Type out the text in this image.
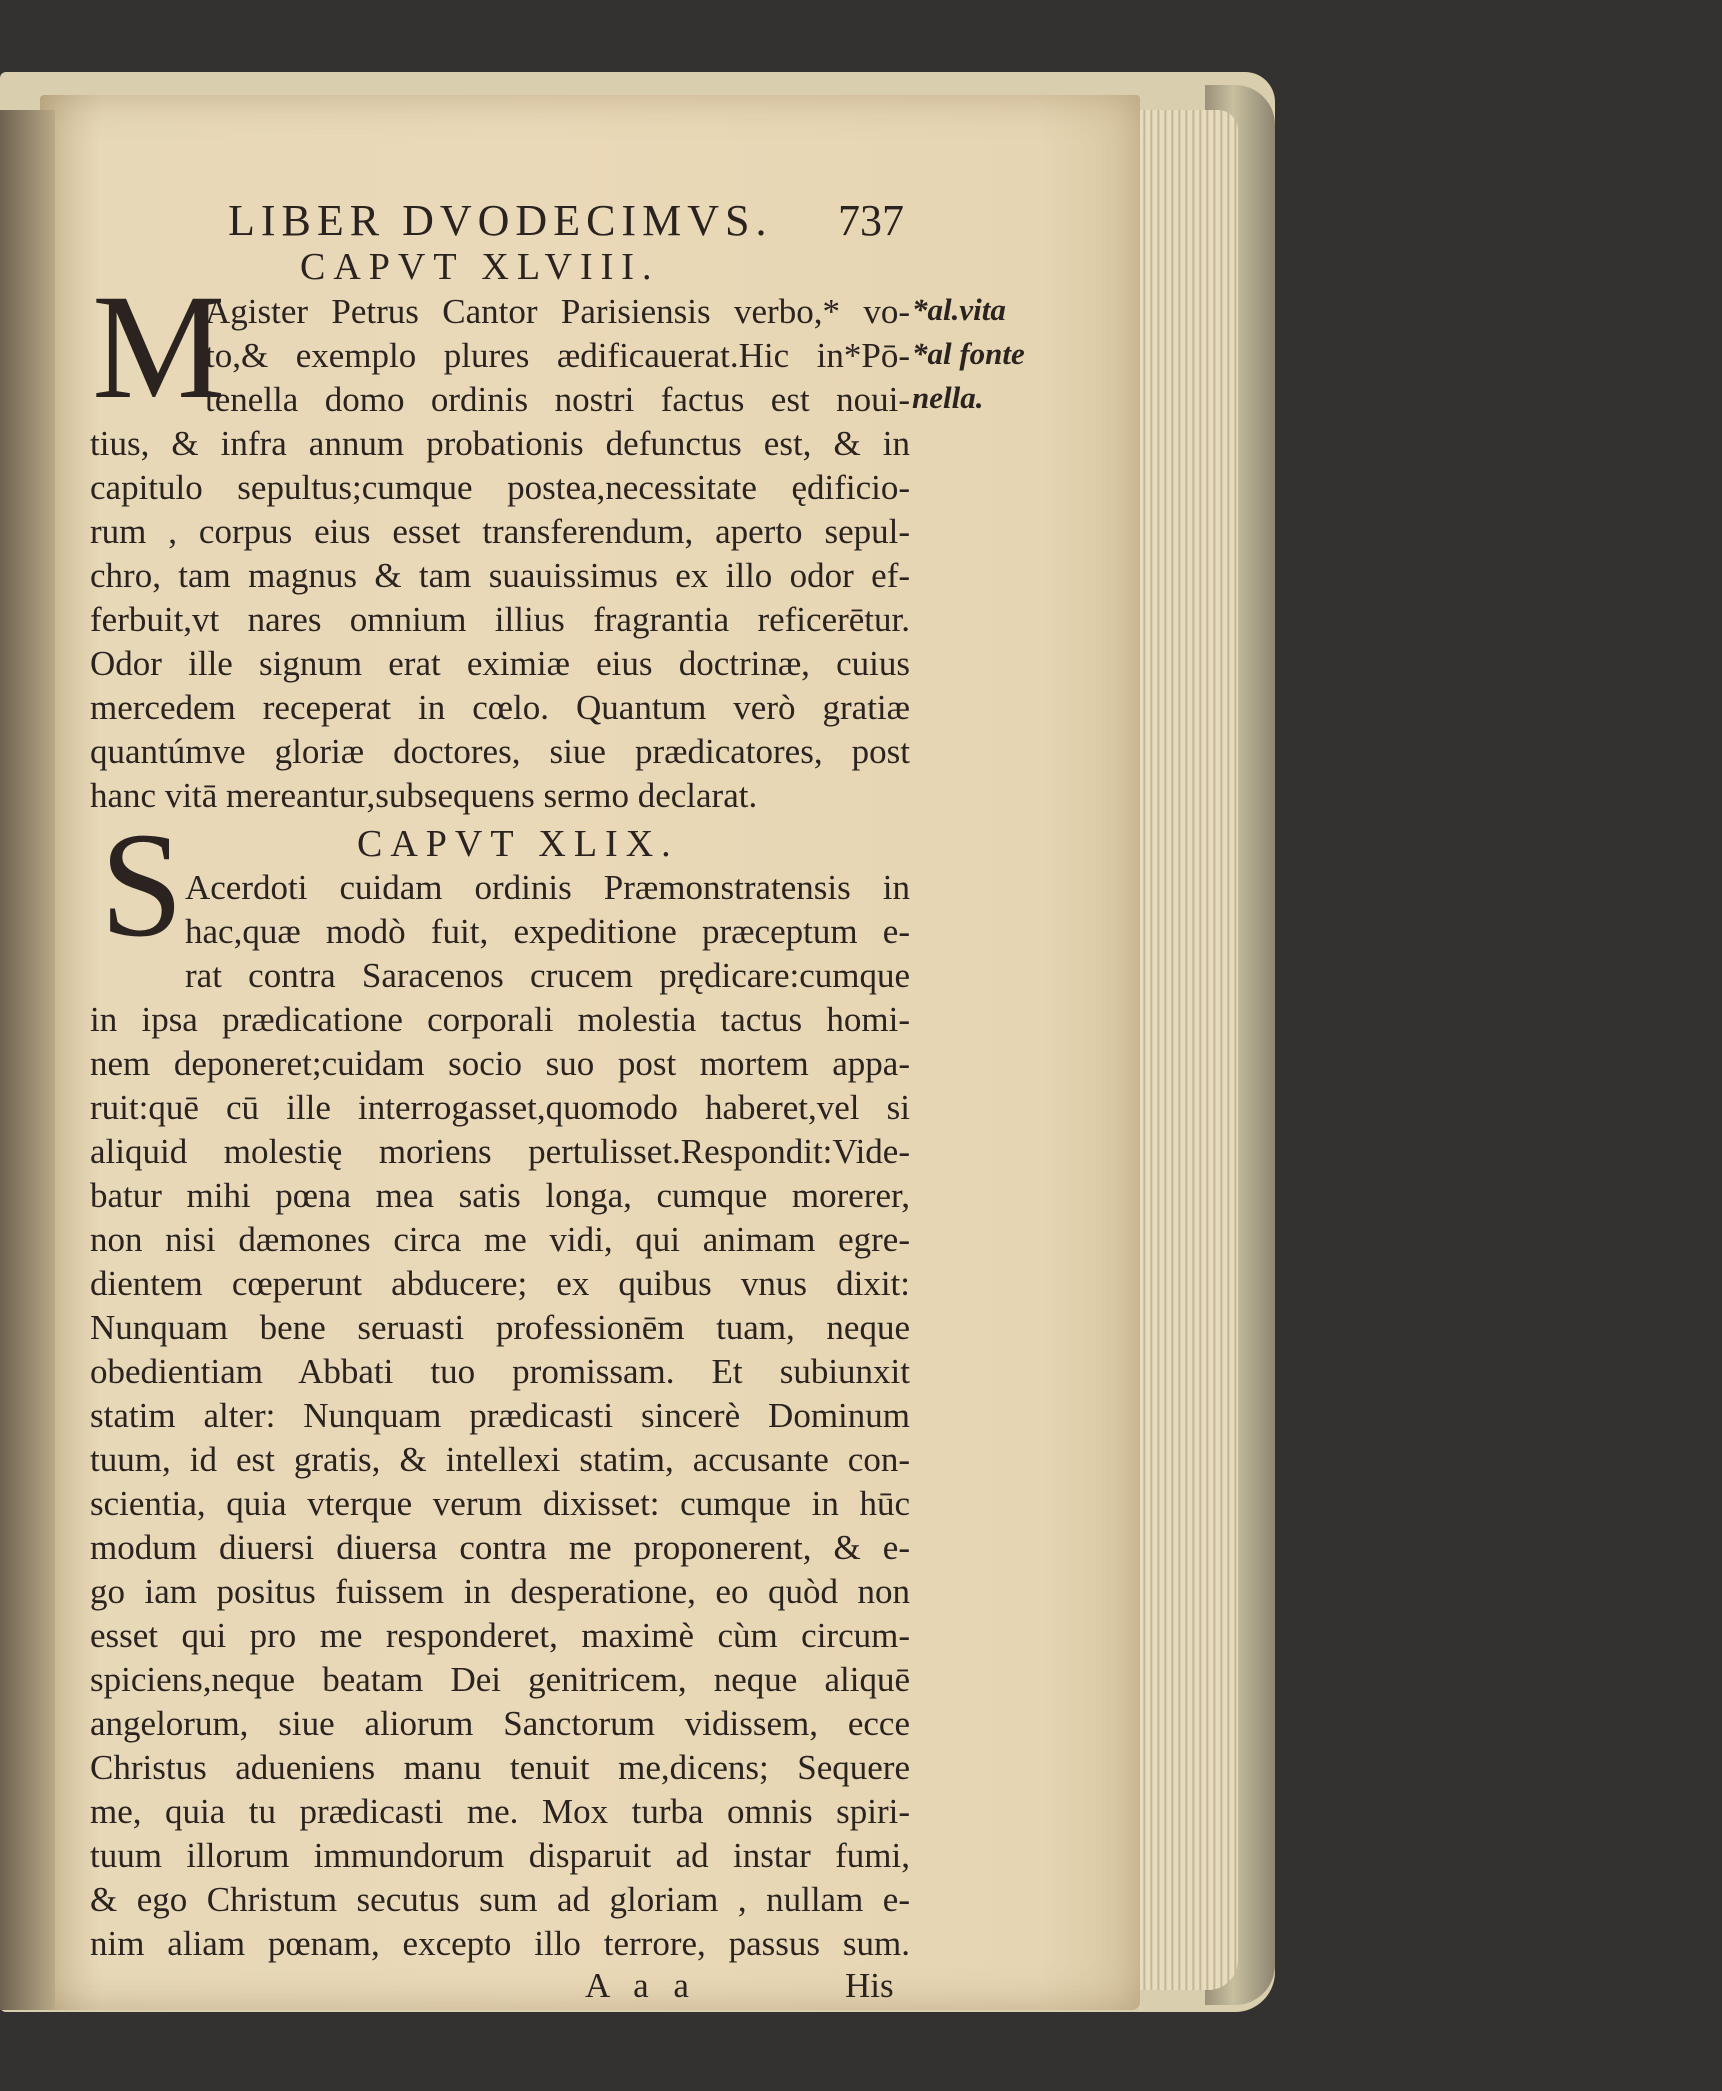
LIBER DVODECIMVS. 737
CAPVT XLVIII.
M
Agister Petrus Cantor Parisiensis verbo,* vo-
to,& exemplo plures ædificauerat.Hic in*Pō-
tenella domo ordinis nostri factus est noui-
tius, & infra annum probationis defunctus est, & in
capitulo sepultus;cumque postea,necessitate ędificio-
rum , corpus eius esset transferendum, aperto sepul-
chro, tam magnus & tam suauissimus ex illo odor ef-
ferbuit,vt nares omnium illius fragrantia reficerētur.
Odor ille signum erat eximiæ eius doctrinæ, cuius
mercedem receperat in cœlo. Quantum verò gratiæ
quantúmve gloriæ doctores, siue prædicatores, post
hanc vitā mereantur,subsequens sermo declarat.
*al.vita
*al fonte
nella.
CAPVT XLIX.
S Acerdoti cuidam ordinis Præmonstratensis in
hac,quæ modò fuit, expeditione præceptum e-
rat contra Saracenos crucem prędicare:cumque
in ipsa prædicatione corporali molestia tactus homi-
nem deponeret;cuidam socio suo post mortem appa-
ruit:quē cū ille interrogasset,quomodo haberet,vel si
aliquid molestię moriens pertulisset.Respondit:Vide-
batur mihi pœna mea satis longa, cumque morerer,
non nisi dæmones circa me vidi, qui animam egre-
dientem cœperunt abducere; ex quibus vnus dixit:
Nunquam bene seruasti professionēm tuam, neque
obedientiam Abbati tuo promissam. Et subiunxit
statim alter: Nunquam prædicasti sincerè Dominum
tuum, id est gratis, & intellexi statim, accusante con-
scientia, quia vterque verum dixisset: cumque in hūc
modum diuersi diuersa contra me proponerent, & e-
go iam positus fuissem in desperatione, eo quòd non
esset qui pro me responderet, maximè cùm circum-
spiciens,neque beatam Dei genitricem, neque aliquē
angelorum, siue aliorum Sanctorum vidissem, ecce
Christus adueniens manu tenuit me,dicens; Sequere
me, quia tu prædicasti me. Mox turba omnis spiri-
tuum illorum immundorum disparuit ad instar fumi,
& ego Christum secutus sum ad gloriam , nullam e-
nim aliam pœnam, excepto illo terrore, passus sum.
A a a	His
